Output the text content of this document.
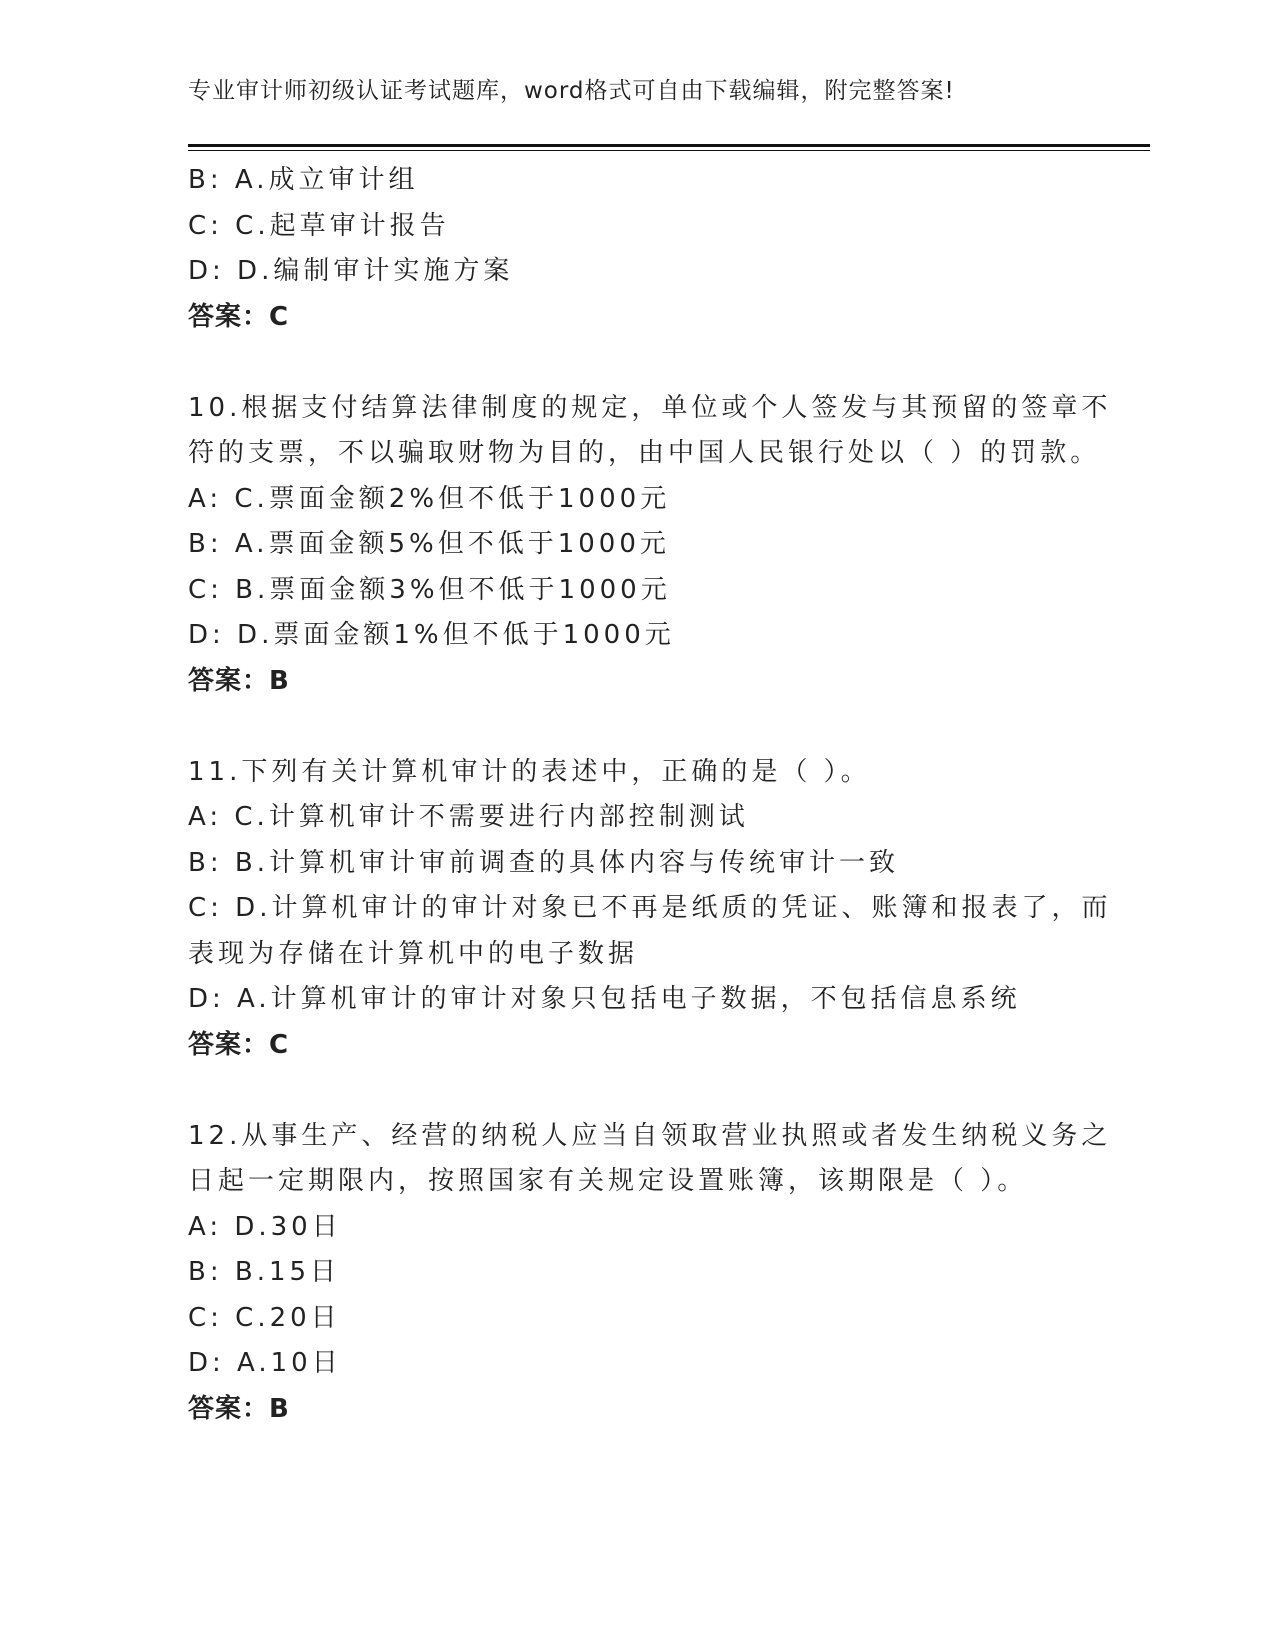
专业审计师初级认证考试题库，word格式可自由下载编辑，附完整答案!
B: A.成立审计组
C: C.起草审计报告
D: D.编制审计实施方案
答案：C
10.根据支付结算法律制度的规定，单位或个人签发与其预留的签章不
符的支票，不以骗取财物为目的，由中国人民银行处以（ ）的罚款。
A: C.票面金额2%但不低于1000元
B: A.票面金额5%但不低于1000元
C: B.票面金额3%但不低于1000元
D: D.票面金额1%但不低于1000元
答案：B
11.下列有关计算机审计的表述中，正确的是（ ）。
A: C.计算机审计不需要进行内部控制测试
B: B.计算机审计审前调查的具体内容与传统审计一致
C: D.计算机审计的审计对象已不再是纸质的凭证、账簿和报表了，而
表现为存储在计算机中的电子数据
D: A.计算机审计的审计对象只包括电子数据，不包括信息系统
答案：C
12.从事生产、经营的纳税人应当自领取营业执照或者发生纳税义务之
日起一定期限内，按照国家有关规定设置账簿，该期限是（ ）。
A: D.30日
B: B.15日
C: C.20日
D: A.10日
答案：B
